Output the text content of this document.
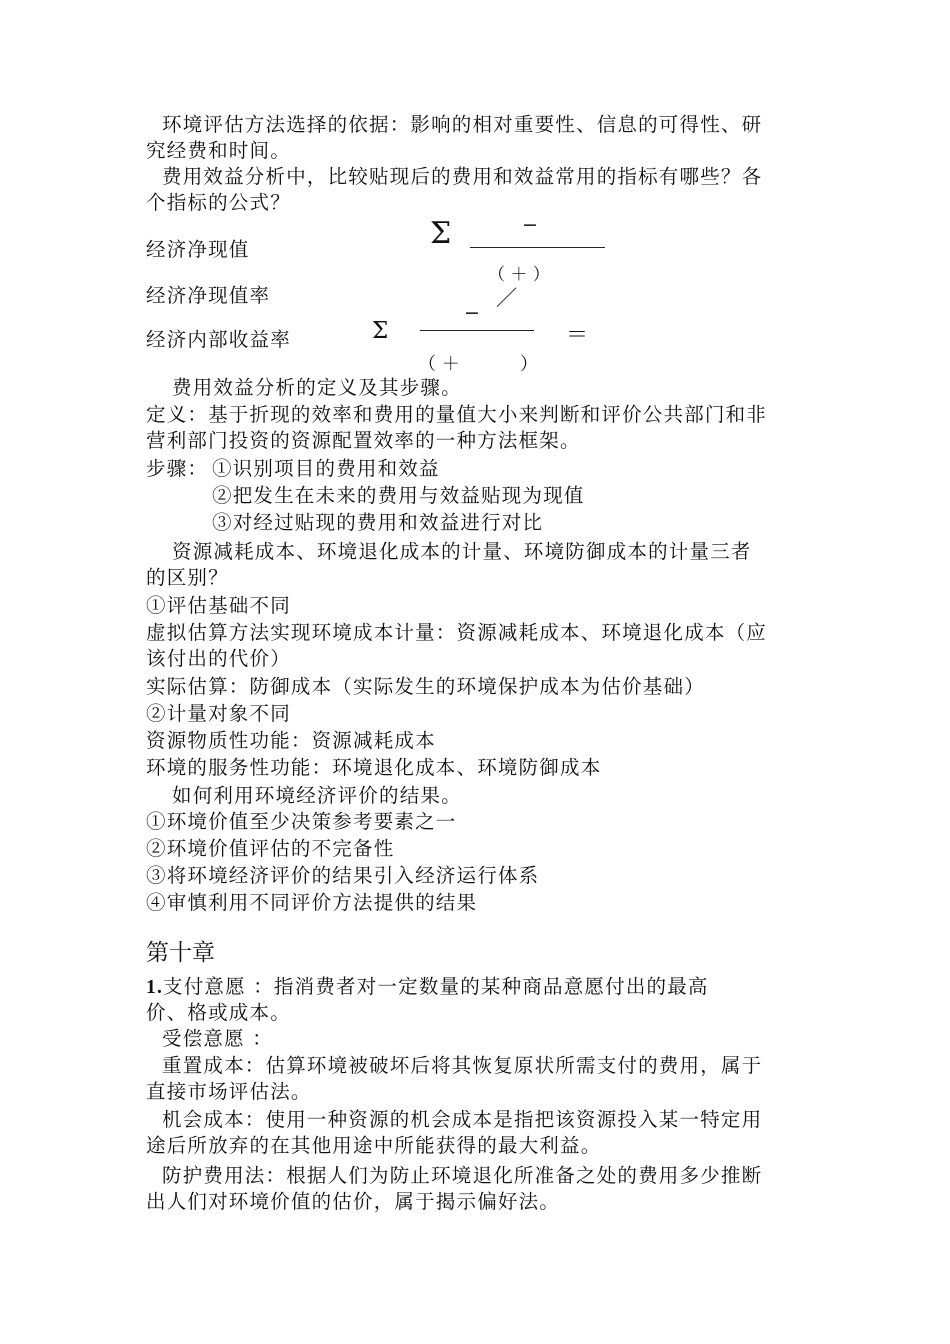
环境评估方法选择的依据：影响的相对重要性、信息的可得性、研
究经费和时间。
费用效益分析中，比较贴现后的费用和效益常用的指标有哪些？各
个指标的公式？
经济净现值
经济净现值率
经济内部收益率
Σ	−
（ ＋ ）
／
−
Σ	＝
（ ＋	）
费用效益分析的定义及其步骤。
定义：基于折现的效率和费用的量值大小来判断和评价公共部门和非
营利部门投资的资源配置效率的一种方法框架。
步骤： ①识别项目的费用和效益
②把发生在未来的费用与效益贴现为现值
③对经过贴现的费用和效益进行对比
资源减耗成本、环境退化成本的计量、环境防御成本的计量三者
的区别？
①评估基础不同
虚拟估算方法实现环境成本计量：资源减耗成本、环境退化成本（应
该付出的代价）
实际估算：防御成本（实际发生的环境保护成本为估价基础）
②计量对象不同
资源物质性功能：资源减耗成本
环境的服务性功能：环境退化成本、环境防御成本
如何利用环境经济评价的结果。
①环境价值至少决策参考要素之一
②环境价值评估的不完备性
③将环境经济评价的结果引入经济运行体系
④审慎利用不同评价方法提供的结果
第十章
1.支付意愿 ：指消费者对一定数量的某种商品意愿付出的最高
价、格或成本。
受偿意愿 ：
重置成本：估算环境被破坏后将其恢复原状所需支付的费用，属于
直接市场评估法。
机会成本：使用一种资源的机会成本是指把该资源投入某一特定用
途后所放弃的在其他用途中所能获得的最大利益。
防护费用法：根据人们为防止环境退化所准备之处的费用多少推断
出人们对环境价值的估价，属于揭示偏好法。
